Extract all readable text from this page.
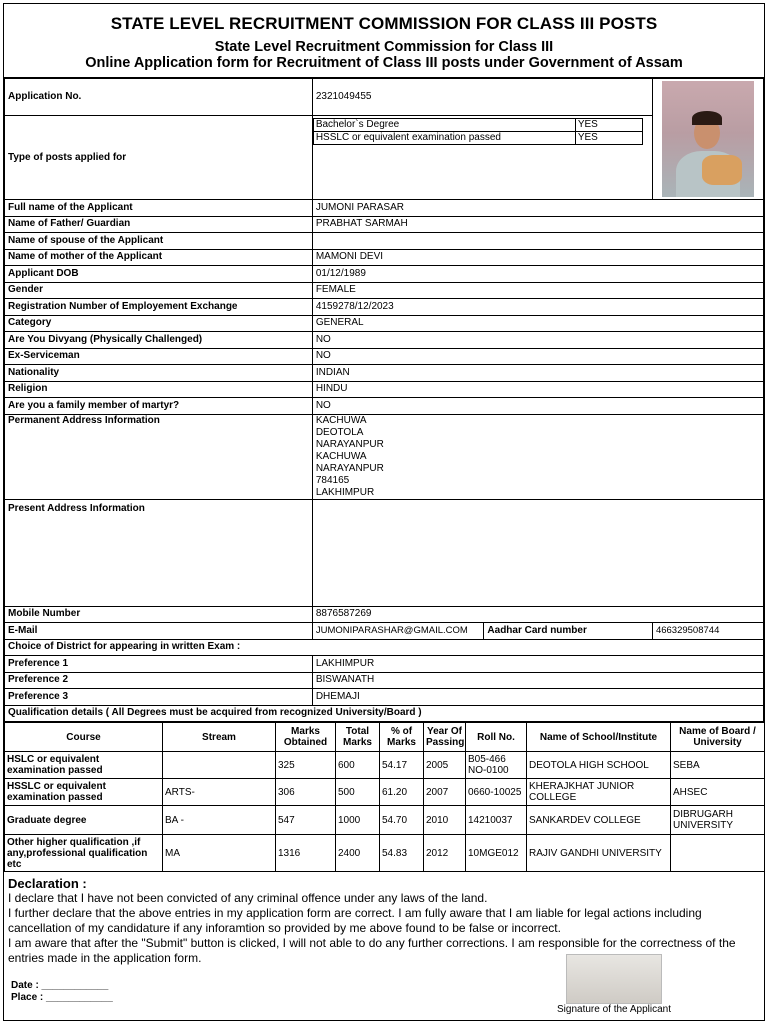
STATE LEVEL RECRUITMENT COMMISSION FOR CLASS III POSTS
State Level Recruitment Commission for Class III
Online Application form for Recruitment of Class III posts under Government of Assam
Application No.	2321049455	

Type of posts applied for	
Bachelor`s Degree	YES
HSSLC or equivalent examination passed	YES

Full name of the Applicant	JUMONI PARASAR
Name of Father/ Guardian	PRABHAT SARMAH
Name of spouse of the Applicant	
Name of mother of the Applicant	MAMONI DEVI
Applicant DOB	01/12/1989
Gender	FEMALE
Registration Number of Employement Exchange	4159278/12/2023
Category	GENERAL
Are You Divyang (Physically Challenged)	NO
Ex-Serviceman	NO
Nationality	INDIAN
Religion	HINDU
Are you a family member of martyr?	NO
Permanent Address Information	KACHUWA
DEOTOLA
NARAYANPUR
KACHUWA
NARAYANPUR
784165
LAKHIMPUR

Present Address Information	
Mobile Number	8876587269
E-Mail	JUMONIPARASHAR@GMAIL.COM	Aadhar Card number	466329508744
Choice of District for appearing in written Exam :
Preference 1	LAKHIMPUR
Preference 2	BISWANATH
Preference 3	DHEMAJI
Qualification details ( All Degrees must be acquired from recognized University/Board )
Course	Stream	Marks Obtained	Total Marks	% of Marks	Year Of Passing	Roll No.	Name of School/Institute	Name of Board / University
HSLC or equivalent examination passed		325	600	54.17	2005	B05-466 NO-0100	DEOTOLA HIGH SCHOOL	SEBA
HSSLC or equivalent examination passed	ARTS-	306	500	61.20	2007	0660-10025	KHERAJKHAT JUNIOR COLLEGE	AHSEC
Graduate degree	BA -	547	1000	54.70	2010	14210037	SANKARDEV COLLEGE	DIBRUGARH UNIVERSITY
Other higher qualification ,if any,professional qualification etc	MA	1316	2400	54.83	2012	10MGE012	RAJIV GANDHI UNIVERSITY	
Declaration :
I declare that I have not been convicted of any criminal offence under any laws of the land.
I further declare that the above entries in my application form are correct. I am fully aware that I am liable for legal actions including cancellation of my candidature if any inforamtion so provided by me above found to be false or incorrect.
I am aware that after the "Submit" button is clicked, I will not able to do any further corrections. I am responsible for the correctness of the entries made in the application form.
Date : ____________
Place : ____________
Signature of the Applicant
